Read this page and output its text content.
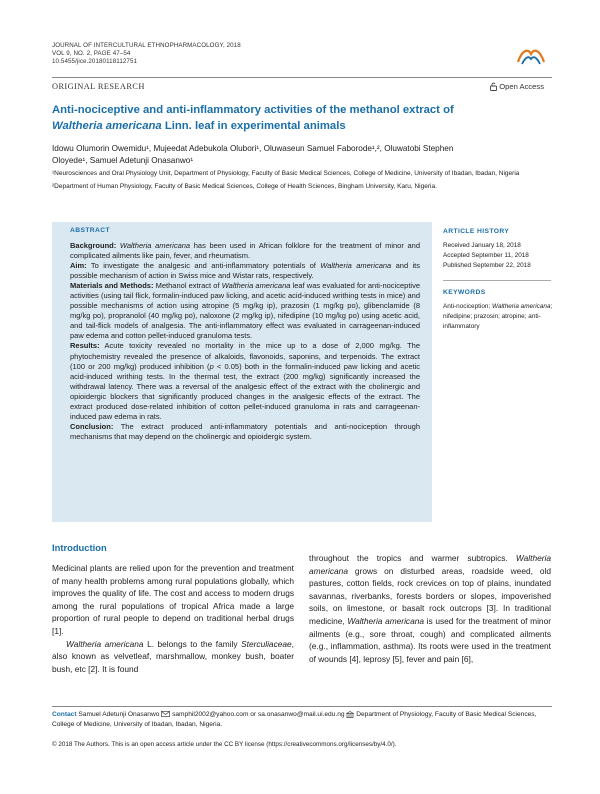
JOURNAL OF INTERCULTURAL ETHNOPHARMACOLOGY, 2018
VOL 9, NO. 2, PAGE 47–54
10.5455/jice.20180118112751
ORIGINAL RESEARCH	Open Access
Anti-nociceptive and anti-inflammatory activities of the methanol extract of
Waltheria americana Linn. leaf in experimental animals
Idowu Olumorin Owemidu¹, Mujeedat Adebukola Olubori¹, Oluwaseun Samuel Faborode¹,², Oluwatobi Stephen
Oloyede¹, Samuel Adetunji Onasanwo¹

¹Neurosciences and Oral Physiology Unit, Department of Physiology, Faculty of Basic Medical Sciences, College of Medicine, University of Ibadan, Ibadan, Nigeria

²Department of Human Physiology, Faculty of Basic Medical Sciences, College of Health Sciences, Bingham University, Karu, Nigeria.

ABSTRACT

Background: Waltheria americana has been used in African folklore for the treatment of minor and complicated ailments like pain, fever, and rheumatism.

Aim: To investigate the analgesic and anti-inflammatory potentials of Waltheria americana and its possible mechanism of action in Swiss mice and Wistar rats, respectively.

Materials and Methods: Methanol extract of Waltheria americana leaf was evaluated for anti-nociceptive activities (using tail flick, formalin-induced paw licking, and acetic acid-induced writhing tests in mice) and possible mechanisms of action using atropine (5 mg/kg ip), prazosin (1 mg/kg po), glibenclamide (8 mg/kg po), propranolol (40 mg/kg po), naloxone (2 mg/kg ip), nifedipine (10 mg/kg po) using acetic acid, and tail-flick models of analgesia. The anti-inflammatory effect was evaluated in carrageenan-induced paw edema and cotton pellet-induced granuloma tests.

Results: Acute toxicity revealed no mortality in the mice up to a dose of 2,000 mg/kg. The phytochemistry revealed the presence of alkaloids, flavonoids, saponins, and terpenoids. The extract (100 or 200 mg/kg) produced inhibition (p < 0.05) both in the formalin-induced paw licking and acetic acid-induced writhing tests. In the thermal test, the extract (200 mg/kg) significantly increased the withdrawal latency. There was a reversal of the analgesic effect of the extract with the cholinergic and opioidergic blockers that significantly produced changes in the analgesic effects of the extract. The extract produced dose-related inhibition of cotton pellet-induced granuloma in rats and carrageenan-induced paw edema in rats.

Conclusion: The extract produced anti-inflammatory potentials and anti-nociception through mechanisms that may depend on the cholinergic and opioidergic system.

ARTICLE HISTORY
Received January 18, 2018
Accepted September 11, 2018
Published September 22, 2018
KEYWORDS
Anti-nociception; Waltheria americana; nifedipine; prazosin; atropine; anti-inflammatory
Introduction

Medicinal plants are relied upon for the prevention and treatment of many health problems among rural populations globally, which improves the quality of life. The cost and access to modern drugs among the rural populations of tropical Africa made a large proportion of rural people to depend on traditional herbal drugs [1].

Waltheria americana L. belongs to the family Sterculiaceae, also known as velvetleaf, marshmallow, monkey bush, boater bush, etc [2]. It is found

throughout the tropics and warmer subtropics. Waltheria americana grows on disturbed areas, roadside weed, old pastures, cotton fields, rock crevices on top of plains, inundated savannas, riverbanks, forests borders or slopes, impoverished soils, on limestone, or basalt rock outcrops [3]. In traditional medicine, Waltheria americana is used for the treatment of minor ailments (e.g., sore throat, cough) and complicated ailments (e.g., inflammation, asthma). Its roots were used in the treatment of wounds [4], leprosy [5], fever and pain [6],

Contact Samuel Adetunji Onasanwo samphil2002@yahoo.com or sa.onasanwo@mail.ui.edu.ng Department of Physiology, Faculty of Basic Medical Sciences, College of Medicine, University of Ibadan, Ibadan, Nigeria.
© 2018 The Authors. This is an open access article under the CC BY license (https://creativecommons.org/licenses/by/4.0/).
